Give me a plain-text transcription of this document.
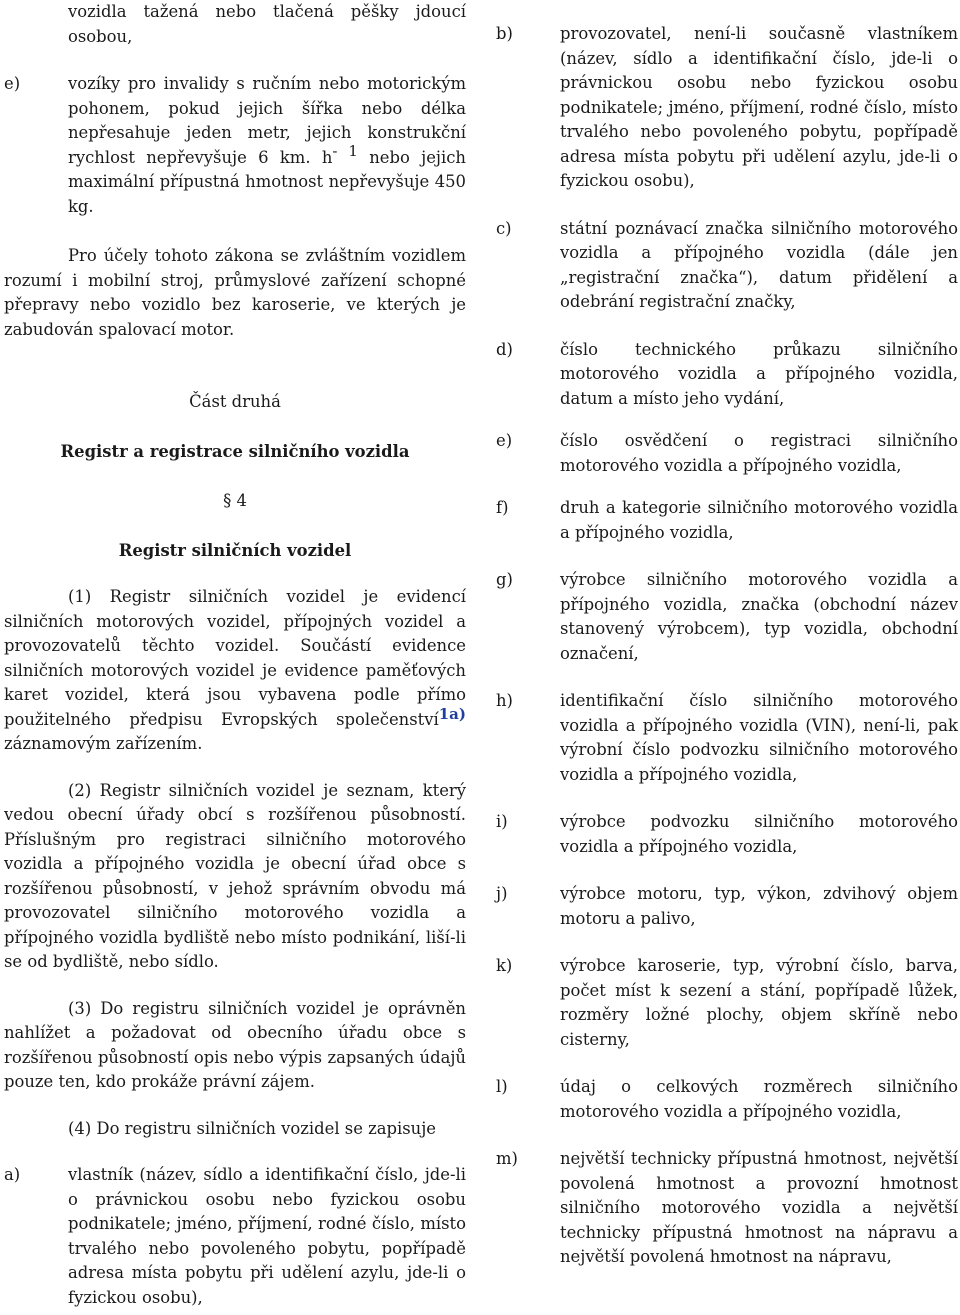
vozidla tažená nebo tlačená pěšky jdoucí osobou,
e)	vozíky pro invalidy s ručním nebo motorickým pohonem, pokud jejich šířka nebo délka nepřesahuje jeden metr, jejich konstrukční rychlost nepřevyšuje 6 km. h- 1 nebo jejich maximální přípustná hmotnost nepřevyšuje 450 kg.
Pro účely tohoto zákona se zvláštním vozidlem rozumí i mobilní stroj, průmyslové zařízení schopné přepravy nebo vozidlo bez karoserie, ve kterých je zabudován spalovací motor.
Část druhá
Registr a registrace silničního vozidla
§ 4
Registr silničních vozidel
(1) Registr silničních vozidel je evidencí silničních motorových vozidel, přípojných vozidel a provozovatelů těchto vozidel. Součástí evidence silničních motorových vozidel je evidence paměťových karet vozidel, která jsou vybavena podle přímo použitelného předpisu Evropských společenství$^{1a)}$ záznamovým zařízením.
(2) Registr silničních vozidel je seznam, který vedou obecní úřady obcí s rozšířenou působností. Příslušným pro registraci silničního motorového vozidla a přípojného vozidla je obecní úřad obce s rozšířenou působností, v jehož správním obvodu má provozovatel silničního motorového vozidla a přípojného vozidla bydliště nebo místo podnikání, liší-li se od bydliště, nebo sídlo.
(3) Do registru silničních vozidel je oprávněn nahlížet a požadovat od obecního úřadu obce s rozšířenou působností opis nebo výpis zapsaných údajů pouze ten, kdo prokáže právní zájem.
(4) Do registru silničních vozidel se zapisuje
a)	vlastník (název, sídlo a identifikační číslo, jde-li o právnickou osobu nebo fyzickou osobu podnikatele; jméno, příjmení, rodné číslo, místo trvalého nebo povoleného pobytu, popřípadě adresa místa pobytu při udělení azylu, jde-li o fyzickou osobu),
b)	provozovatel, není-li současně vlastníkem (název, sídlo a identifikační číslo, jde-li o právnickou osobu nebo fyzickou osobu podnikatele; jméno, příjmení, rodné číslo, místo trvalého nebo povoleného pobytu, popřípadě adresa místa pobytu při udělení azylu, jde-li o fyzickou osobu),
c)	státní poznávací značka silničního motorového vozidla a přípojného vozidla (dále jen „registrační značka“), datum přidělení a odebrání registrační značky,
d)	číslo technického průkazu silničního motorového vozidla a přípojného vozidla, datum a místo jeho vydání,
e)	číslo osvědčení o registraci silničního motorového vozidla a přípojného vozidla,
f)	druh a kategorie silničního motorového vozidla a přípojného vozidla,
g)	výrobce silničního motorového vozidla a přípojného vozidla, značka (obchodní název stanovený výrobcem), typ vozidla, obchodní označení,
h)	identifikační číslo silničního motorového vozidla a přípojného vozidla (VIN), není-li, pak výrobní číslo podvozku silničního motorového vozidla a přípojného vozidla,
i)	výrobce podvozku silničního motorového vozidla a přípojného vozidla,
j)	výrobce motoru, typ, výkon, zdvihový objem motoru a palivo,
k)	výrobce karoserie, typ, výrobní číslo, barva, počet míst k sezení a stání, popřípadě lůžek, rozměry ložné plochy, objem skříně nebo cisterny,
l)	údaj o celkových rozměrech silničního motorového vozidla a přípojného vozidla,
m)	největší technicky přípustná hmotnost, největší povolená hmotnost a provozní hmotnost silničního motorového vozidla a největší technicky přípustná hmotnost na nápravu a největší povolená hmotnost na nápravu,
